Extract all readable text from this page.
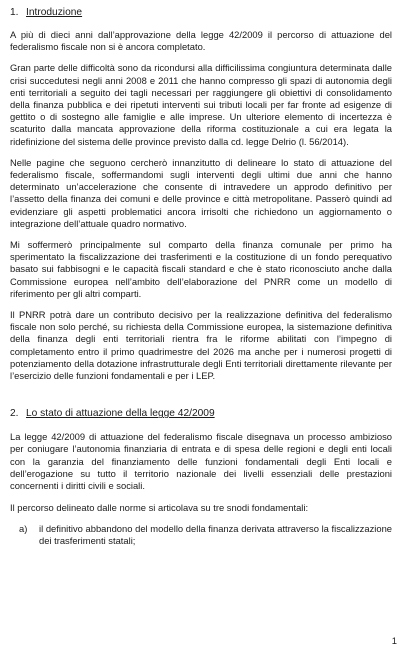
1. Introduzione

A più di dieci anni dall’approvazione della legge 42/2009 il percorso di attuazione del federalismo fiscale non si è ancora completato.

Gran parte delle difficoltà sono da ricondursi alla difficilissima congiuntura determinata dalle crisi succedutesi negli anni 2008 e 2011 che hanno compresso gli spazi di autonomia degli enti territoriali a seguito dei tagli necessari per raggiungere gli obiettivi di consolidamento della finanza pubblica e dei ripetuti interventi sui tributi locali per far fronte ad esigenze di gettito o di sostegno alle famiglie e alle imprese. Un ulteriore elemento di incertezza è scaturito dalla mancata approvazione della riforma costituzionale a cui era legata la ridefinizione del sistema delle province previsto dalla cd. legge Delrio (l. 56/2014).

Nelle pagine che seguono cercherò innanzitutto di delineare lo stato di attuazione del federalismo fiscale, soffermandomi sugli interventi degli ultimi due anni che hanno determinato un’accelerazione che consente di intravedere un approdo definitivo per l’assetto della finanza dei comuni e delle province e città metropolitane. Passerò quindi ad evidenziare gli aspetti problematici ancora irrisolti che richiedono un aggiornamento o integrazione dell’attuale quadro normativo.

Mi soffermerò principalmente sul comparto della finanza comunale per primo ha sperimentato la fiscalizzazione dei trasferimenti e la costituzione di un fondo perequativo basato sui fabbisogni e le capacità fiscali standard e che è stato riconosciuto anche dalla Commissione europea nell’ambito dell’elaborazione del PNRR come un modello di riferimento per gli altri comparti.

Il PNRR potrà dare un contributo decisivo per la realizzazione definitiva del federalismo fiscale non solo perché, su richiesta della Commissione europea, la sistemazione definitiva della finanza degli enti territoriali rientra fra le riforme abilitati con l’impegno di completamento entro il primo quadrimestre del 2026 ma anche per i numerosi progetti di potenziamento della dotazione infrastrutturale degli Enti territoriali direttamente rilevante per l’esercizio delle funzioni fondamentali e per i LEP.

2. Lo stato di attuazione della legge 42/2009

La legge 42/2009 di attuazione del federalismo fiscale disegnava un processo ambizioso per coniugare l’autonomia finanziaria di entrata e di spesa delle regioni e degli enti locali con la garanzia del finanziamento delle funzioni fondamentali degli Enti locali e dell’erogazione su tutto il territorio nazionale dei livelli essenziali delle prestazioni concernenti i diritti civili e sociali.

Il percorso delineato dalle norme si articolava su tre snodi fondamentali:

a)	il definitivo abbandono del modello della finanza derivata attraverso la fiscalizzazione dei trasferimenti statali;
1
